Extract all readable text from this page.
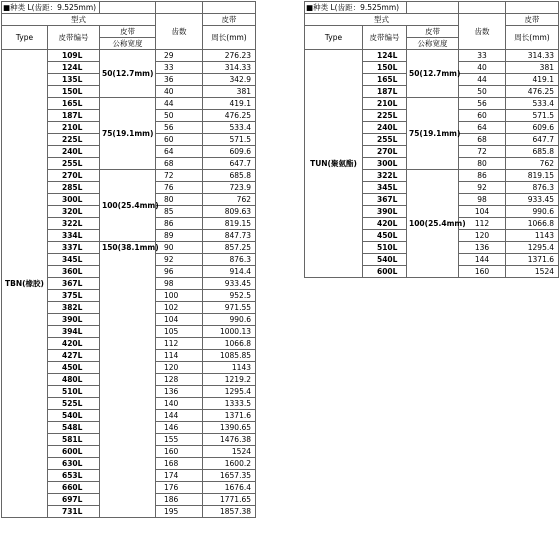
■种类 L(齿距：9.525mm)				
型式			齿数	皮带
Type	皮带编号	皮带		周长(mm)
		公称宽度		
TBN(橡胶)	109L	50(12.7mm)	29	276.23
	124L		33	314.33
	135L		36	342.9
	150L		40	381
	165L	75(19.1mm)	44	419.1
	187L		50	476.25
	210L		56	533.4
	225L		60	571.5
	240L		64	609.6
	255L		68	647.7
	270L	100(25.4mm)	72	685.8
	285L		76	723.9
	300L		80	762
	320L		85	809.63
	322L		86	819.15
	334L		89	847.73
	337L	150(38.1mm)	90	857.25
	345L		92	876.3
	360L		96	914.4
	367L		98	933.45
	375L		100	952.5
	382L		102	971.55
	390L		104	990.6
	394L		105	1000.13
	420L		112	1066.8
	427L		114	1085.85
	450L		120	1143
	480L		128	1219.2
	510L		136	1295.4
	525L		140	1333.5
	540L		144	1371.6
	548L		146	1390.65
	581L		155	1476.38
	600L		160	1524
	630L		168	1600.2
	653L		174	1657.35
	660L		176	1676.4
	697L		186	1771.65
	731L		195	1857.38
■种类 L(齿距：9.525mm)				
型式			齿数	皮带
Type	皮带编号	皮带		周长(mm)
		公称宽度		
TUN(聚氨酯)	124L	50(12.7mm)	33	314.33
	150L		40	381
	165L		44	419.1
	187L		50	476.25
	210L	75(19.1mm)	56	533.4
	225L		60	571.5
	240L		64	609.6
	255L		68	647.7
	270L		72	685.8
	300L		80	762
	322L	100(25.4mm)	86	819.15
	345L		92	876.3
	367L		98	933.45
	390L		104	990.6
	420L		112	1066.8
	450L		120	1143
	510L		136	1295.4
	540L		144	1371.6
	600L		160	1524
